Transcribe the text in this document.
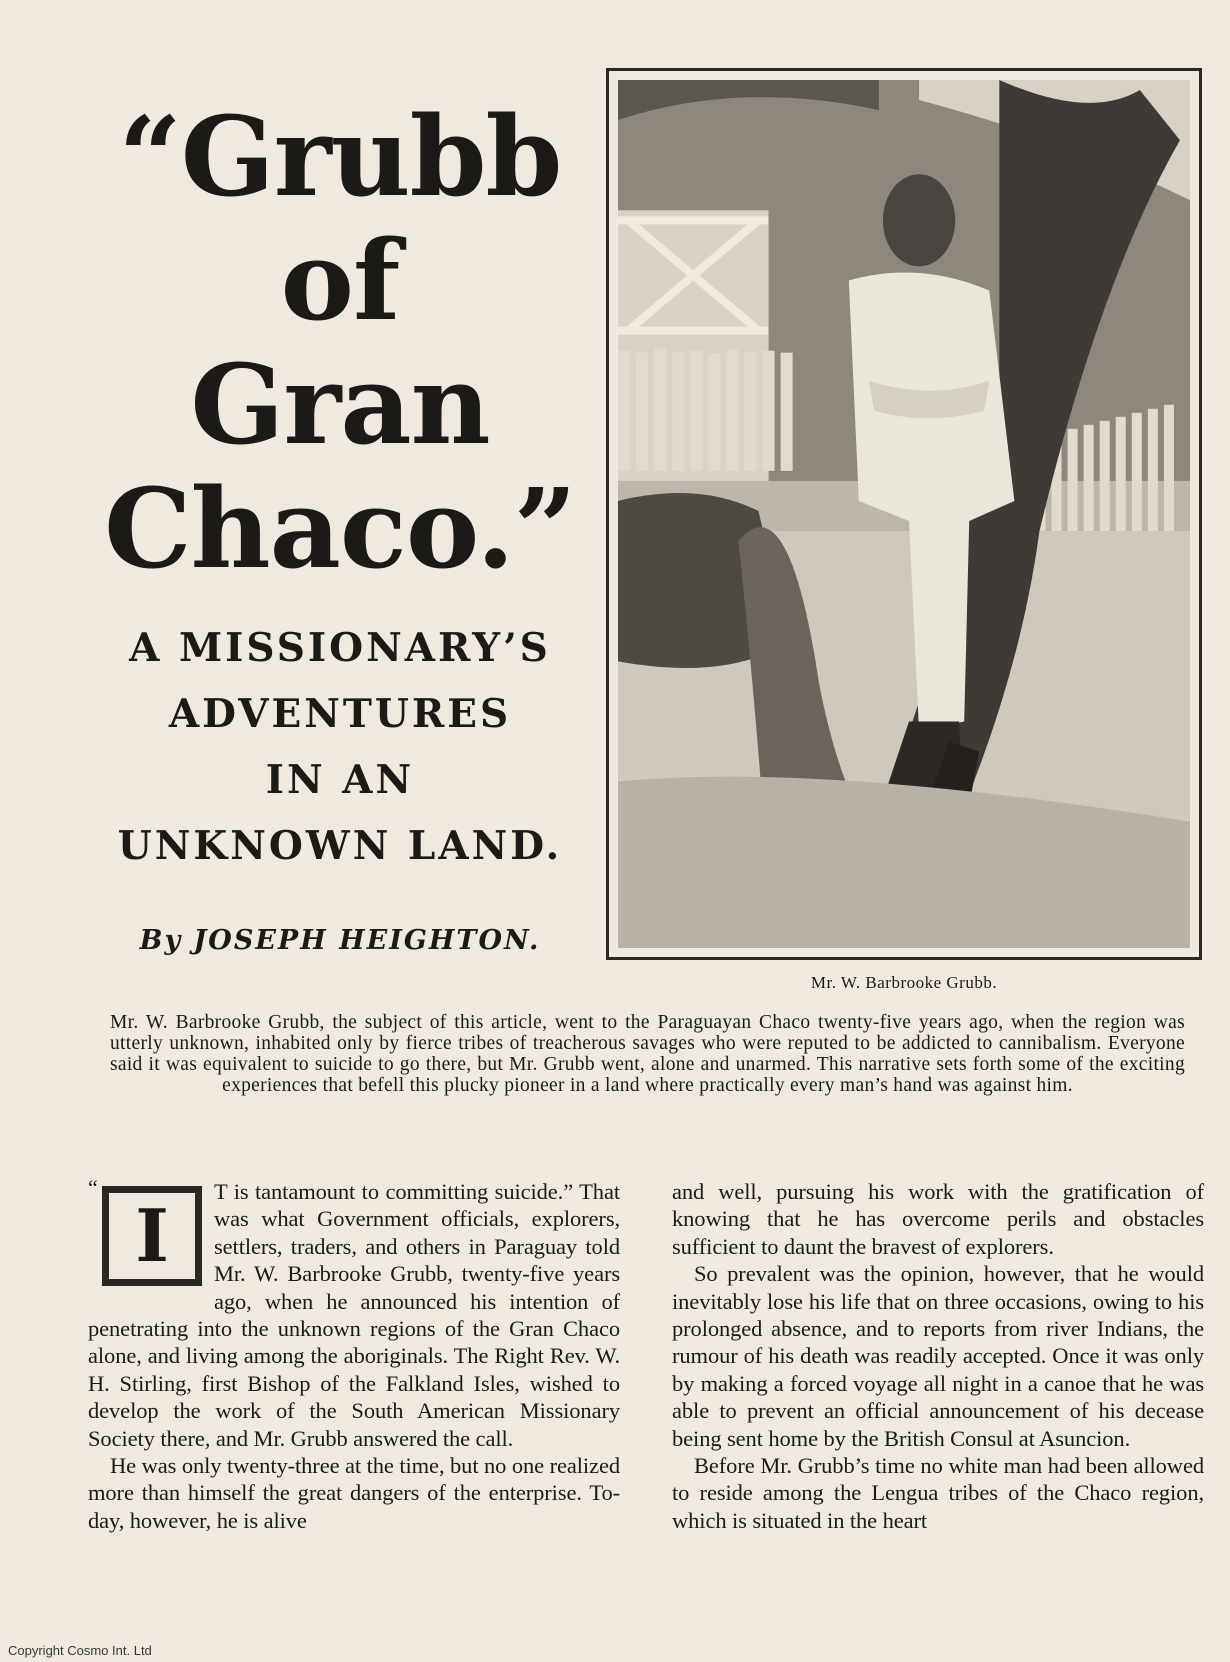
“Grubb
of
Gran
Chaco.”
A MISSIONARY’S
ADVENTURES
IN AN
UNKNOWN LAND.
By JOSEPH HEIGHTON.
Mr. W. Barbrooke Grubb.
Mr. W. Barbrooke Grubb, the subject of this article, went to the Paraguayan Chaco twenty-five years ago, when the region was utterly unknown, inhabited only by fierce tribes of treacherous savages who were reputed to be addicted to cannibalism. Everyone said it was equivalent to suicide to go there, but Mr. Grubb went, alone and unarmed. This narrative sets forth some of the exciting experiences that befell this plucky pioneer in a land where practically every man’s hand was against him.
“
I

T is tantamount to committing suicide.” That was what Government officials, explorers, settlers, traders, and others in Paraguay told Mr. W. Barbrooke Grubb, twenty-five years ago, when he announced his intention of penetrating into the unknown regions of the Gran Chaco alone, and living among the aboriginals. The Right Rev. W. H. Stirling, first Bishop of the Falkland Isles, wished to develop the work of the South American Missionary Society there, and Mr. Grubb answered the call.

He was only twenty-three at the time, but no one realized more than himself the great dangers of the enterprise. To-day, however, he is alive

and well, pursuing his work with the gratification of knowing that he has overcome perils and obstacles sufficient to daunt the bravest of explorers.

So prevalent was the opinion, however, that he would inevitably lose his life that on three occasions, owing to his prolonged absence, and to reports from river Indians, the rumour of his death was readily accepted. Once it was only by making a forced voyage all night in a canoe that he was able to prevent an official announcement of his decease being sent home by the British Consul at Asuncion.

Before Mr. Grubb’s time no white man had been allowed to reside among the Lengua tribes of the Chaco region, which is situated in the heart

Copyright Cosmo Int. Ltd
